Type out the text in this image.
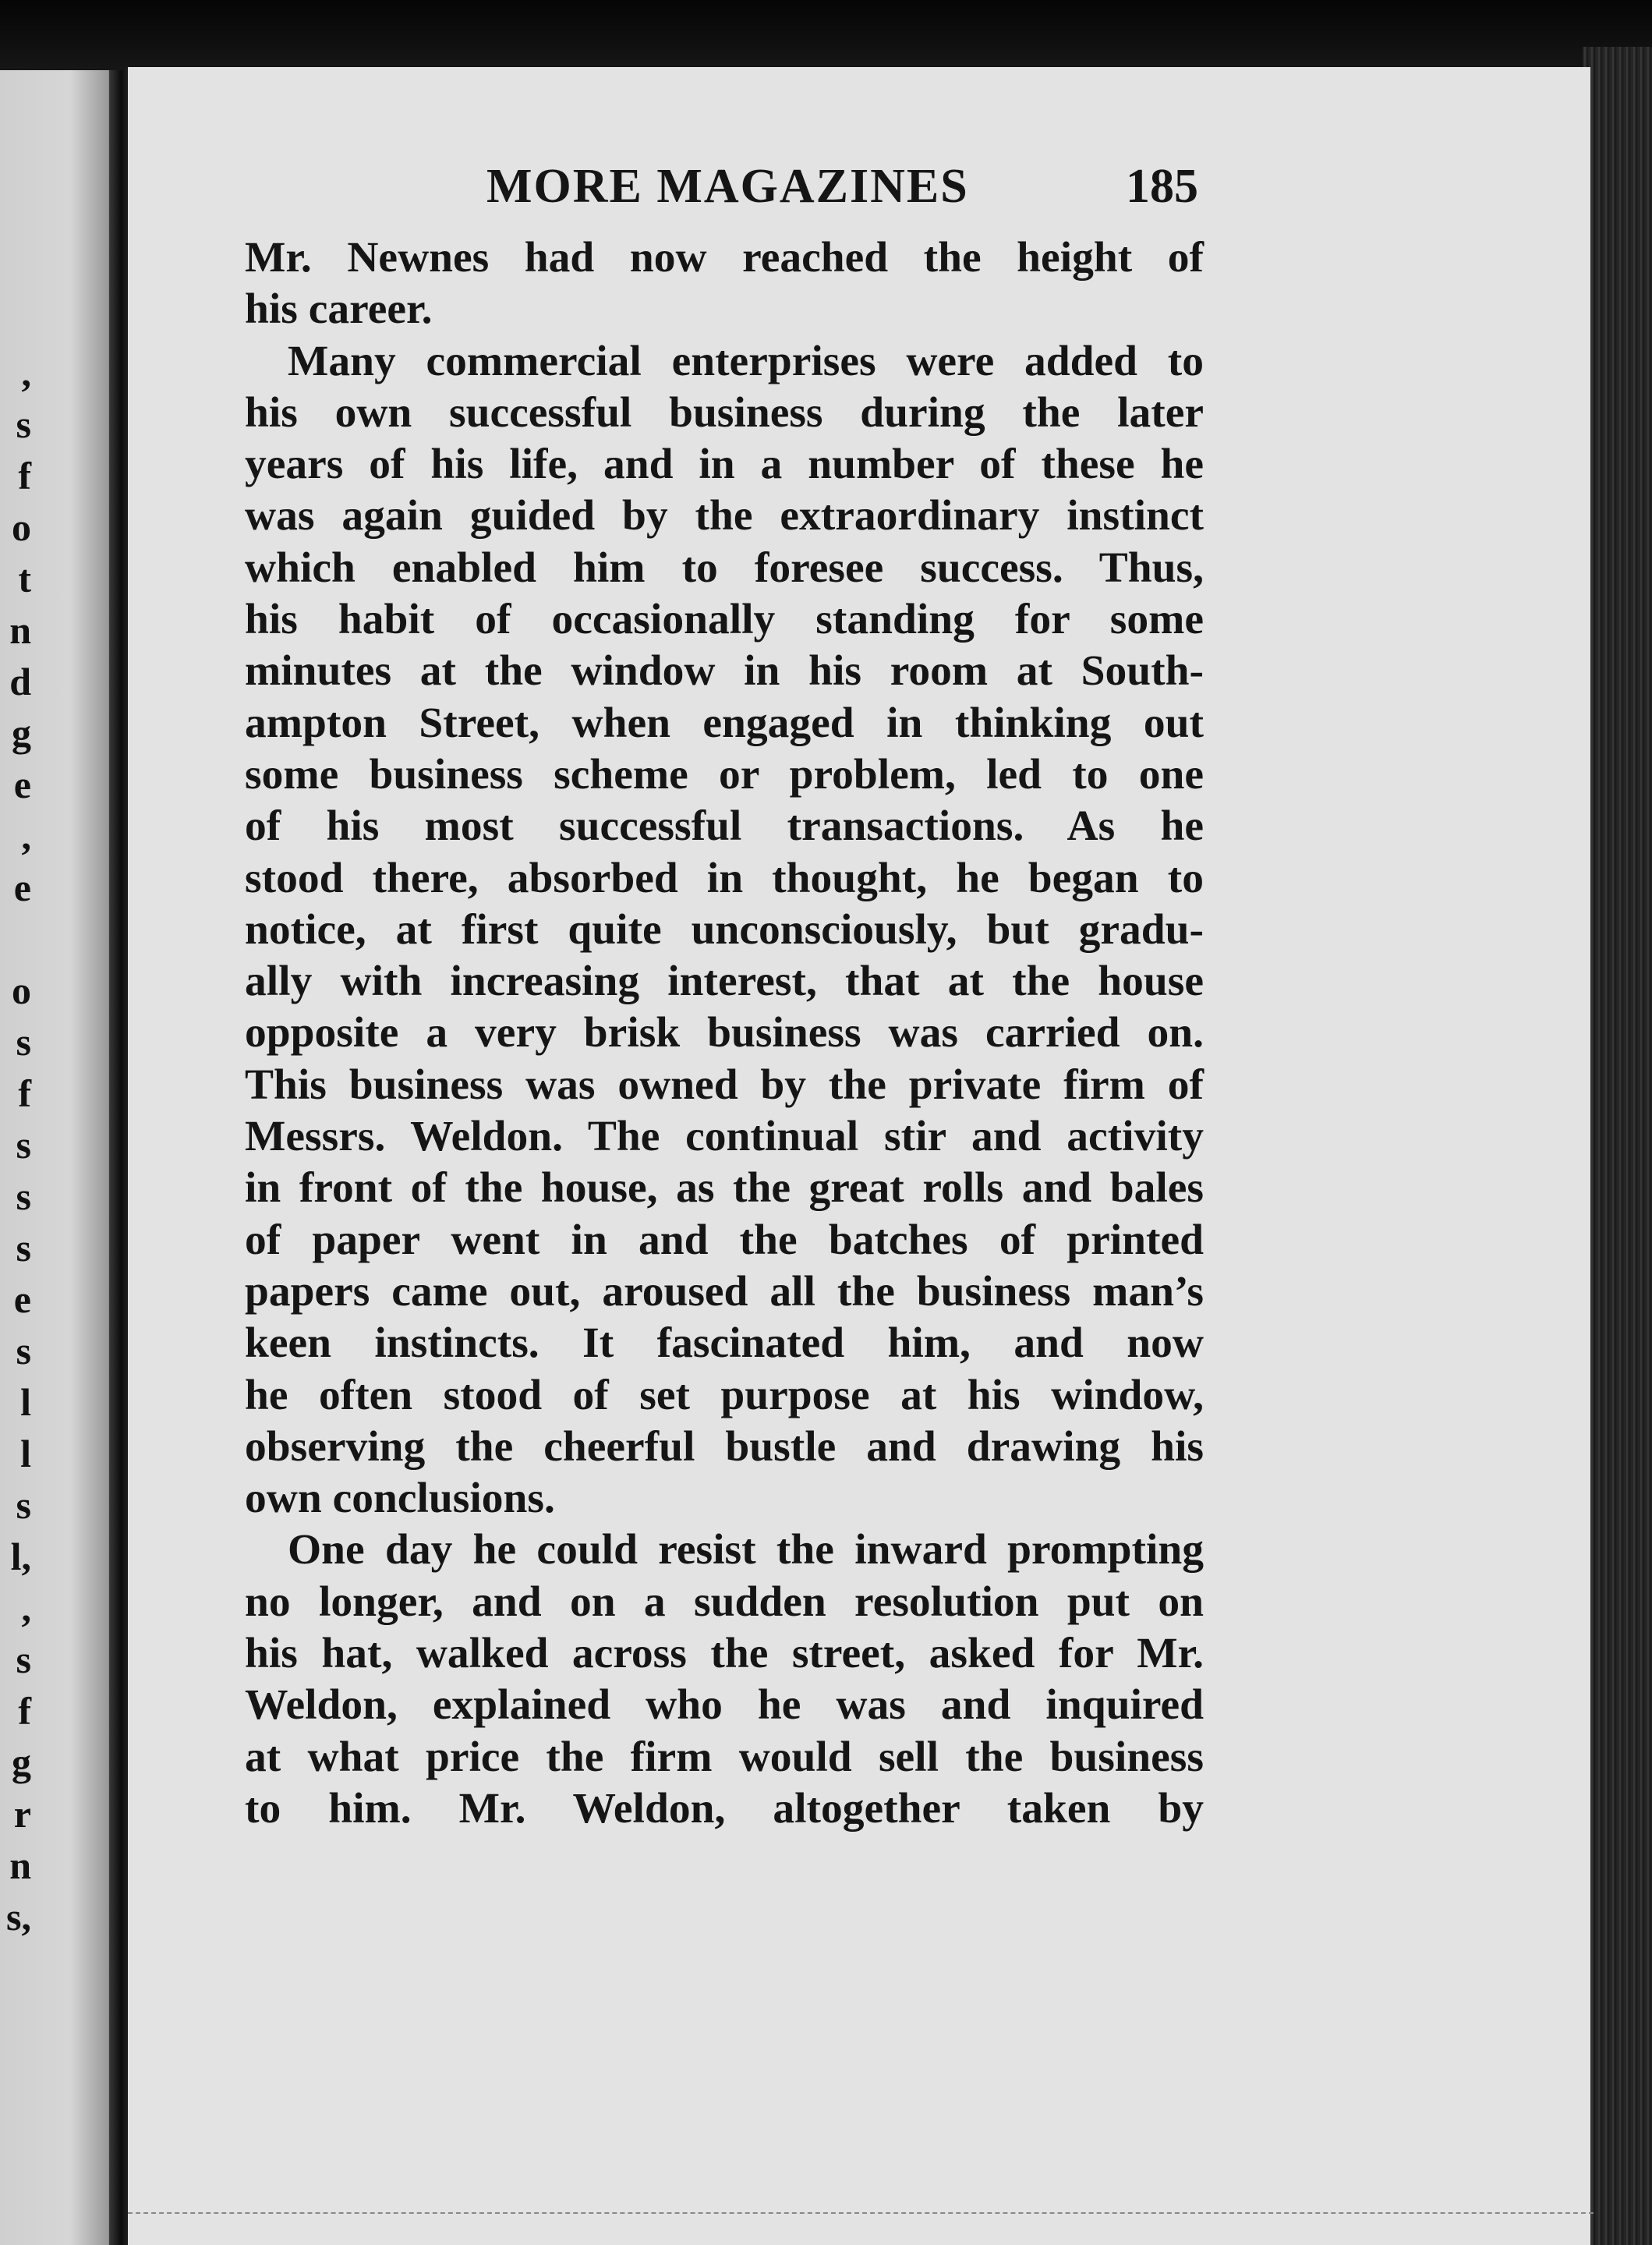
,
s
f
o
t
n
d
g
e
,
e
o
s
f
s
s
s
e
s
l
l
s
l,
,
s
f
g
r
n
s,
MORE MAGAZINES	185
Mr. Newnes had now reached the height of
his career.
Many commercial enterprises were added to
his own successful business during the later
years of his life, and in a number of these he
was again guided by the extraordinary instinct
which enabled him to foresee success. Thus,
his habit of occasionally standing for some
minutes at the window in his room at South-
ampton Street, when engaged in thinking out
some business scheme or problem, led to one
of his most successful transactions. As he
stood there, absorbed in thought, he began to
notice, at first quite unconsciously, but gradu-
ally with increasing interest, that at the house
opposite a very brisk business was carried on.
This business was owned by the private firm of
Messrs. Weldon. The continual stir and activity
in front of the house, as the great rolls and bales
of paper went in and the batches of printed
papers came out, aroused all the business man’s
keen instincts. It fascinated him, and now
he often stood of set purpose at his window,
observing the cheerful bustle and drawing his
own conclusions.
One day he could resist the inward prompting
no longer, and on a sudden resolution put on
his hat, walked across the street, asked for Mr.
Weldon, explained who he was and inquired
at what price the firm would sell the business
to him. Mr. Weldon, altogether taken by
